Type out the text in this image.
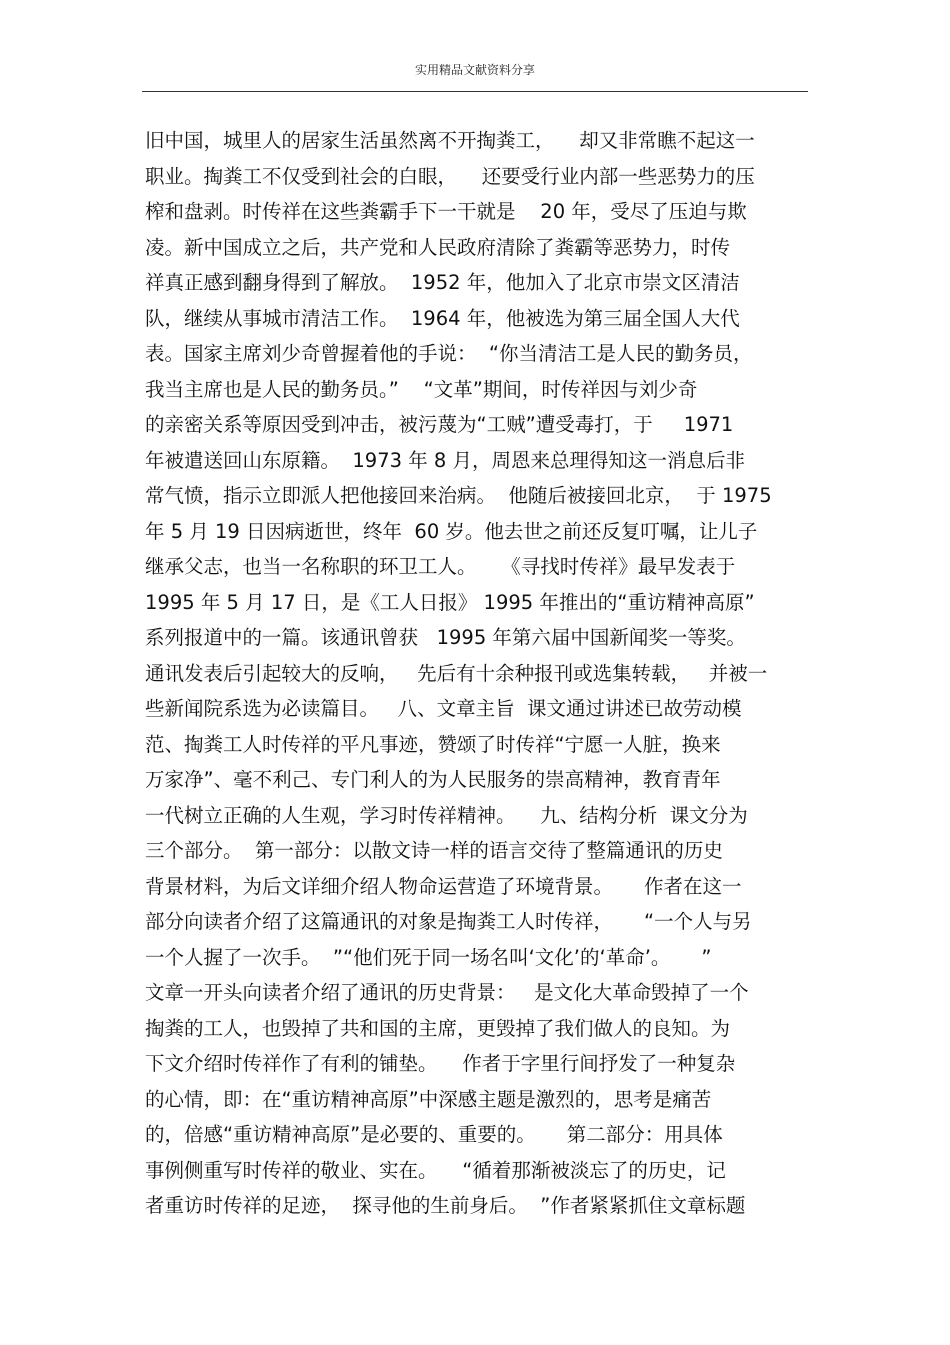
实用精品文献资料分享
旧中国，城里人的居家生活虽然离不开掏粪工，    却又非常瞧不起这一
职业。掏粪工不仅受到社会的白眼，    还要受行业内部一些恶势力的压
榨和盘剥。时传祥在这些粪霸手下一干就是    20 年，受尽了压迫与欺
凌。新中国成立之后，共产党和人民政府清除了粪霸等恶势力，时传
祥真正感到翻身得到了解放。  1952 年，他加入了北京市崇文区清洁
队，继续从事城市清洁工作。  1964 年，他被选为第三届全国人大代
表。国家主席刘少奇曾握着他的手说：  “你当清洁工是人民的勤务员，
我当主席也是人民的勤务员。”    “文革”期间，时传祥因与刘少奇
的亲密关系等原因受到冲击，被污蔑为“工贼”遭受毒打，于     1971
年被遣送回山东原籍。  1973 年 8 月，周恩来总理得知这一消息后非
常气愤，指示立即派人把他接回来治病。  他随后被接回北京，  于 1975
年 5 月 19 日因病逝世，终年  60 岁。他去世之前还反复叮嘱，让儿子
继承父志，也当一名称职的环卫工人。    《寻找时传祥》最早发表于
1995 年 5 月 17 日，是《工人日报》 1995 年推出的“重访精神高原”
系列报道中的一篇。该通讯曾获   1995 年第六届中国新闻奖一等奖。
通讯发表后引起较大的反响，   先后有十余种报刊或选集转载，   并被一
些新闻院系选为必读篇目。   八、文章主旨  课文通过讲述已故劳动模
范、掏粪工人时传祥的平凡事迹，赞颂了时传祥“宁愿一人脏，换来
万家净”、毫不利己、专门利人的为人民服务的崇高精神，教育青年
一代树立正确的人生观，学习时传祥精神。    九、结构分析  课文分为
三个部分。  第一部分：以散文诗一样的语言交待了整篇通讯的历史
背景材料，为后文详细介绍人物命运营造了环境背景。     作者在这一
部分向读者介绍了这篇通讯的对象是掏粪工人时传祥，     “一个人与另
一个人握了一次手。  ”“他们死于同一场名叫‘文化’的‘革命’。     ”
文章一开头向读者介绍了通讯的历史背景：   是文化大革命毁掉了一个
掏粪的工人，也毁掉了共和国的主席，更毁掉了我们做人的良知。为
下文介绍时传祥作了有利的铺垫。    作者于字里行间抒发了一种复杂
的心情，即：在“重访精神高原”中深感主题是激烈的，思考是痛苦
的，倍感“重访精神高原”是必要的、重要的。     第二部分：用具体
事例侧重写时传祥的敬业、实在。    “循着那渐被淡忘了的历史，记
者重访时传祥的足迹，  探寻他的生前身后。  ”作者紧紧抓住文章标题
